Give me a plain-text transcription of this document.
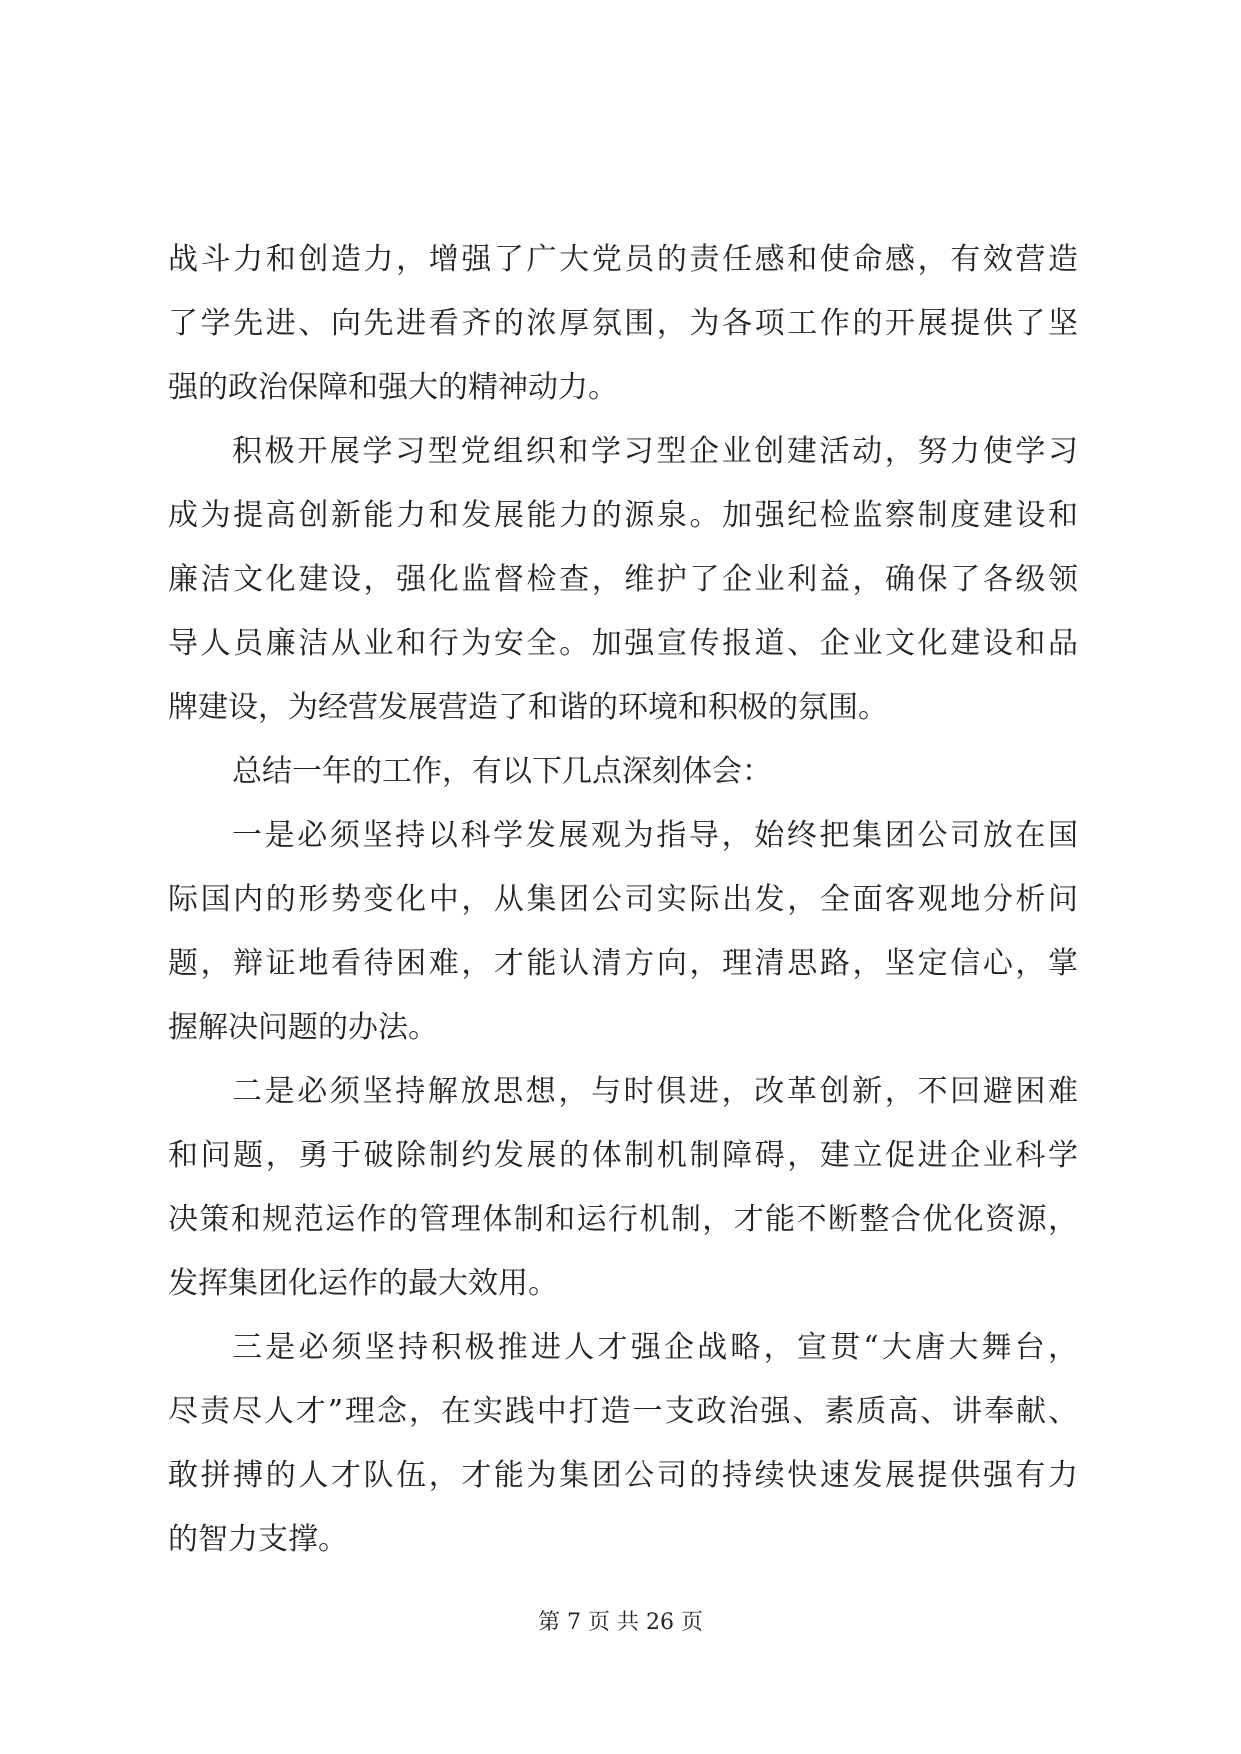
战斗力和创造力，增强了广大党员的责任感和使命感，有效营造
了学先进、向先进看齐的浓厚氛围，为各项工作的开展提供了坚
强的政治保障和强大的精神动力。
积极开展学习型党组织和学习型企业创建活动，努力使学习
成为提高创新能力和发展能力的源泉。加强纪检监察制度建设和
廉洁文化建设，强化监督检查，维护了企业利益，确保了各级领
导人员廉洁从业和行为安全。加强宣传报道、企业文化建设和品
牌建设，为经营发展营造了和谐的环境和积极的氛围。
总结一年的工作，有以下几点深刻体会：
一是必须坚持以科学发展观为指导，始终把集团公司放在国
际国内的形势变化中，从集团公司实际出发，全面客观地分析问
题，辩证地看待困难，才能认清方向，理清思路，坚定信心，掌
握解决问题的办法。
二是必须坚持解放思想，与时俱进，改革创新，不回避困难
和问题，勇于破除制约发展的体制机制障碍，建立促进企业科学
决策和规范运作的管理体制和运行机制，才能不断整合优化资源，
发挥集团化运作的最大效用。
三是必须坚持积极推进人才强企战略，宣贯“大唐大舞台，
尽责尽人才”理念，在实践中打造一支政治强、素质高、讲奉献、
敢拼搏的人才队伍，才能为集团公司的持续快速发展提供强有力
的智力支撑。
第 7 页 共 26 页
